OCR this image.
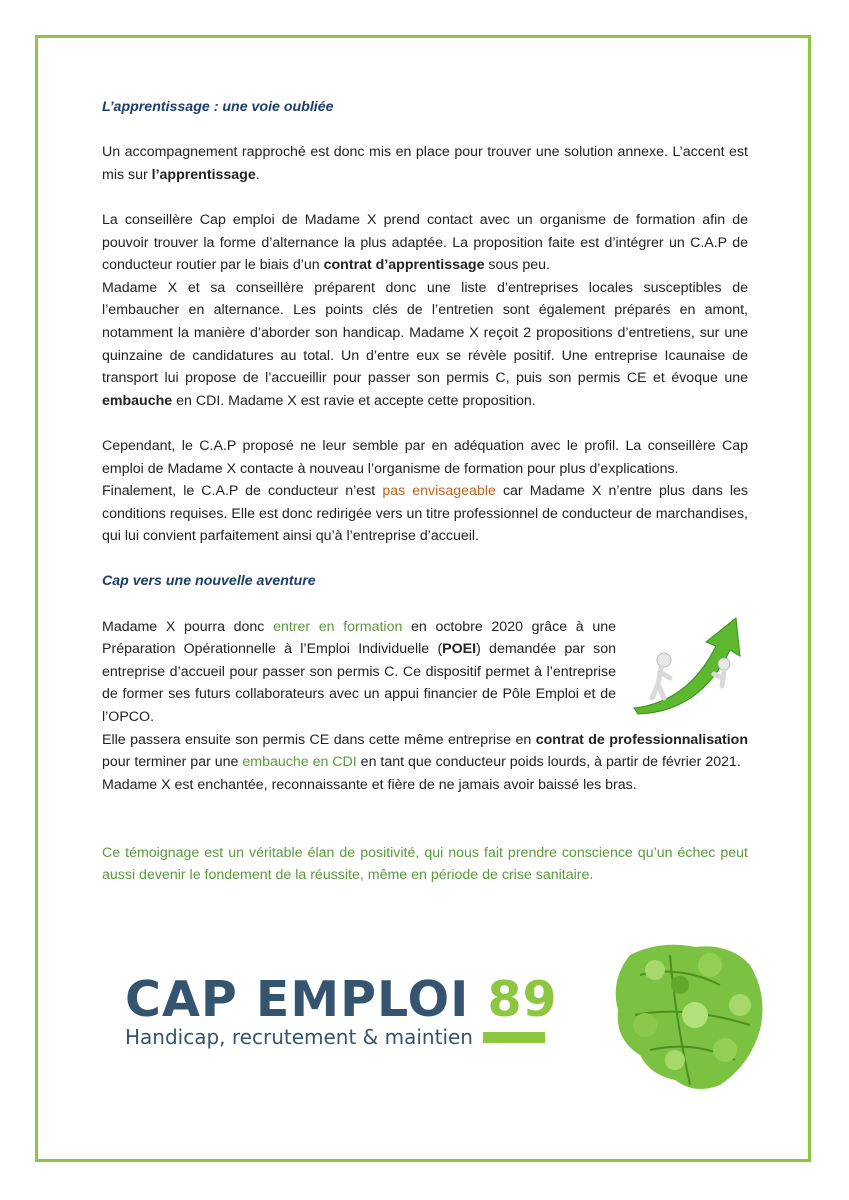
L’apprentissage : une voie oubliée

Un accompagnement rapproché est donc mis en place pour trouver une solution annexe. L’accent est mis sur l’apprentissage.

La conseillère Cap emploi de Madame X prend contact avec un organisme de formation afin de pouvoir trouver la forme d’alternance la plus adaptée. La proposition faite est d’intégrer un C.A.P de conducteur routier par le biais d’un contrat d’apprentissage sous peu.

Madame X et sa conseillère préparent donc une liste d’entreprises locales susceptibles de l’embaucher en alternance. Les points clés de l’entretien sont également préparés en amont, notamment la manière d’aborder son handicap. Madame X reçoit 2 propositions d’entretiens, sur une quinzaine de candidatures au total. Un d’entre eux se révèle positif. Une entreprise Icaunaise de transport lui propose de l’accueillir pour passer son permis C, puis son permis CE et évoque une embauche en CDI. Madame X est ravie et accepte cette proposition.

Cependant, le C.A.P proposé ne leur semble par en adéquation avec le profil. La conseillère Cap emploi de Madame X contacte à nouveau l’organisme de formation pour plus d’explications.

Finalement, le C.A.P de conducteur n’est pas envisageable car Madame X n’entre plus dans les conditions requises. Elle est donc redirigée vers un titre professionnel de conducteur de marchandises, qui lui convient parfaitement ainsi qu’à l’entreprise d’accueil.

Cap vers une nouvelle aventure

Madame X pourra donc entrer en formation en octobre 2020 grâce à une Préparation Opérationnelle à l’Emploi Individuelle (POEI) demandée par son entreprise d’accueil pour passer son permis C. Ce dispositif permet à l’entreprise de former ses futurs collaborateurs avec un appui financier de Pôle Emploi et de l’OPCO.

Elle passera ensuite son permis CE dans cette même entreprise en contrat de professionnalisation pour terminer par une embauche en CDI en tant que conducteur poids lourds, à partir de février 2021.

Madame X est enchantée, reconnaissante et fière de ne jamais avoir baissé les bras.

Ce témoignage est un véritable élan de positivité, qui nous fait prendre conscience qu’un échec peut aussi devenir le fondement de la réussite, même en période de crise sanitaire.

CAP EMPLOI 89
Handicap, recrutement & maintien
